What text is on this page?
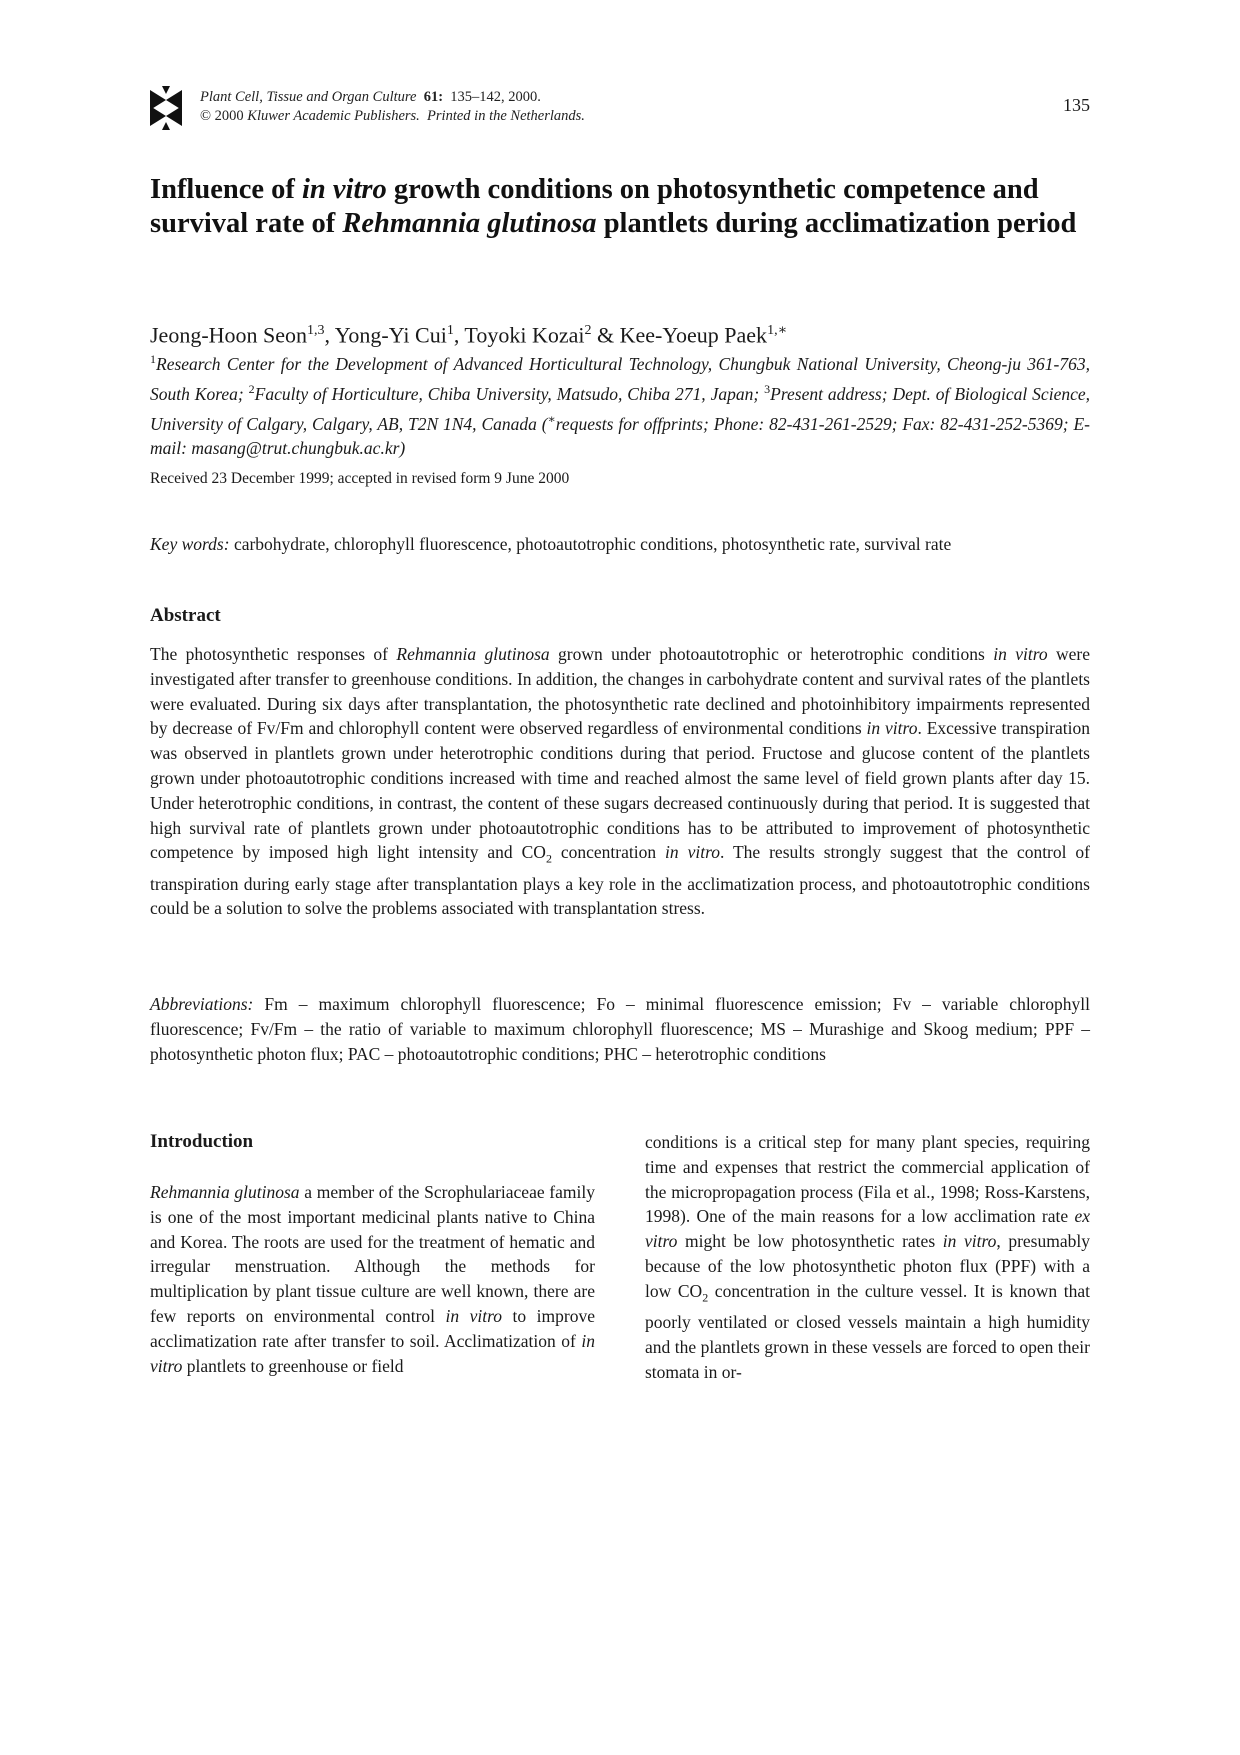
Plant Cell, Tissue and Organ Culture 61: 135–142, 2000.
© 2000 Kluwer Academic Publishers. Printed in the Netherlands.
135
Influence of in vitro growth conditions on photosynthetic competence and survival rate of Rehmannia glutinosa plantlets during acclimatization period
Jeong-Hoon Seon$^{1,3}$, Yong-Yi Cui$^1$, Toyoki Kozai$^2$ & Kee-Yoeup Paek$^{1,∗}$
$^1$Research Center for the Development of Advanced Horticultural Technology, Chungbuk National University, Cheong-ju 361-763, South Korea; $^2$Faculty of Horticulture, Chiba University, Matsudo, Chiba 271, Japan; $^3$Present address; Dept. of Biological Science, University of Calgary, Calgary, AB, T2N 1N4, Canada (∗requests for offprints; Phone: 82-431-261-2529; Fax: 82-431-252-5369; E-mail: masang@trut.chungbuk.ac.kr)
Received 23 December 1999; accepted in revised form 9 June 2000
Key words: carbohydrate, chlorophyll fluorescence, photoautotrophic conditions, photosynthetic rate, survival rate
Abstract
The photosynthetic responses of Rehmannia glutinosa grown under photoautotrophic or heterotrophic conditions in vitro were investigated after transfer to greenhouse conditions. In addition, the changes in carbohydrate content and survival rates of the plantlets were evaluated. During six days after transplantation, the photosynthetic rate declined and photoinhibitory impairments represented by decrease of Fv/Fm and chlorophyll content were observed regardless of environmental conditions in vitro. Excessive transpiration was observed in plantlets grown under heterotrophic conditions during that period. Fructose and glucose content of the plantlets grown under photoautotrophic conditions increased with time and reached almost the same level of field grown plants after day 15. Under heterotrophic conditions, in contrast, the content of these sugars decreased continuously during that period. It is suggested that high survival rate of plantlets grown under photoautotrophic conditions has to be attributed to improvement of photosynthetic competence by imposed high light intensity and $CO_2$ concentration in vitro. The results strongly suggest that the control of transpiration during early stage after transplantation plays a key role in the acclimatization process, and photoautotrophic conditions could be a solution to solve the problems associated with transplantation stress.
Abbreviations: Fm – maximum chlorophyll fluorescence; Fo – minimal fluorescence emission; Fv – variable chlorophyll fluorescence; Fv/Fm – the ratio of variable to maximum chlorophyll fluorescence; MS – Murashige and Skoog medium; PPF – photosynthetic photon flux; PAC – photoautotrophic conditions; PHC – heterotrophic conditions
Introduction
Rehmannia glutinosa a member of the Scrophulariaceae family is one of the most important medicinal plants native to China and Korea. The roots are used for the treatment of hematic and irregular menstruation. Although the methods for multiplication by plant tissue culture are well known, there are few reports on environmental control in vitro to improve acclimatization rate after transfer to soil. Acclimatization of in vitro plantlets to greenhouse or field
conditions is a critical step for many plant species, requiring time and expenses that restrict the commercial application of the micropropagation process (Fila et al., 1998; Ross-Karstens, 1998). One of the main reasons for a low acclimation rate ex vitro might be low photosynthetic rates in vitro, presumably because of the low photosynthetic photon flux (PPF) with a low $CO_2$ concentration in the culture vessel. It is known that poorly ventilated or closed vessels maintain a high humidity and the plantlets grown in these vessels are forced to open their stomata in or-
